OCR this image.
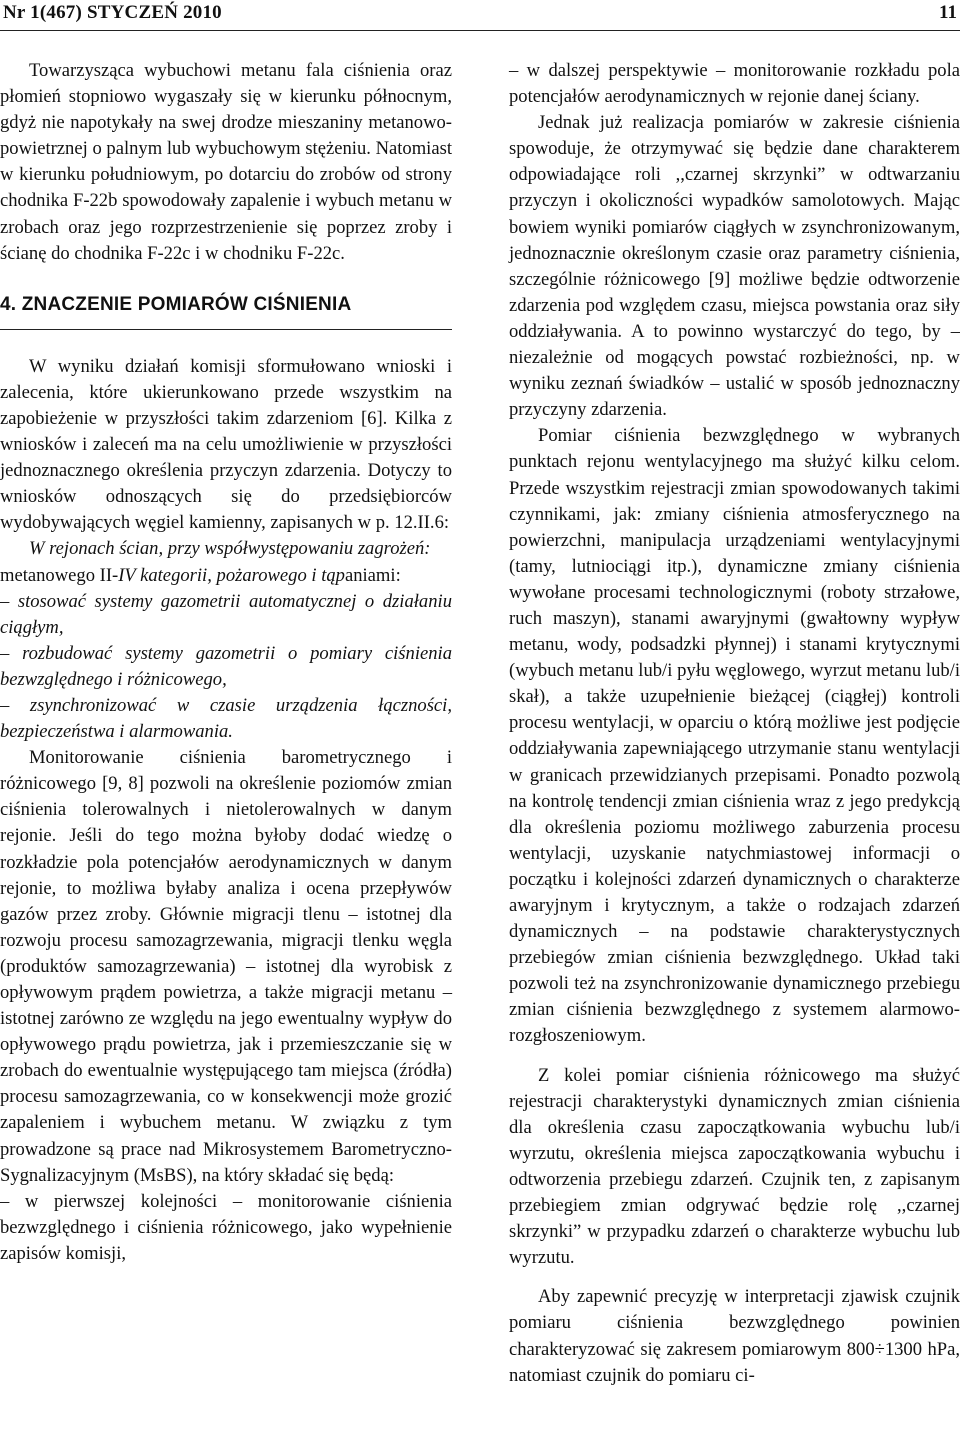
Nr 1(467) STYCZEŃ 2010	11

Towarzysząca wybuchowi metanu fala ciśnienia oraz płomień stopniowo wygaszały się w kierunku północnym, gdyż nie napotykały na swej drodze mieszaniny metanowo-powietrznej o palnym lub wybuchowym stężeniu. Natomiast w kierunku południowym, po dotarciu do zrobów od strony chodnika F-22b spowodowały zapalenie i wybuch metanu w zrobach oraz jego rozprzestrzenienie się poprzez zroby i ścianę do chodnika F-22c i w chodniku F-22c.

4. ZNACZENIE POMIARÓW CIŚNIENIA

W wyniku działań komisji sformułowano wnioski i zalecenia, które ukierunkowano przede wszystkim na zapobieżenie w przyszłości takim zdarzeniom [6]. Kilka z wniosków i zaleceń ma na celu umożliwienie w przyszłości jednoznacznego określenia przyczyn zdarzenia. Dotyczy to wniosków odnoszących się do przedsiębiorców wydobywających węgiel kamienny, zapisanych w p. 12.II.6:

W rejonach ścian, przy współwystępowaniu zagrożeń:

metanowego II-IV kategorii, pożarowego i tąpaniami:

– stosować systemy gazometrii automatycznej o działaniu ciągłym,

– rozbudować systemy gazometrii o pomiary ciśnienia bezwzględnego i różnicowego,

– zsynchronizować w czasie urządzenia łączności, bezpieczeństwa i alarmowania.

Monitorowanie ciśnienia barometrycznego i różnicowego [9, 8] pozwoli na określenie poziomów zmian ciśnienia tolerowalnych i nietolerowalnych w danym rejonie. Jeśli do tego można byłoby dodać wiedzę o rozkładzie pola potencjałów aerodynamicznych w danym rejonie, to możliwa byłaby analiza i ocena przepływów gazów przez zroby. Głównie migracji tlenu – istotnej dla rozwoju procesu samozagrzewania, migracji tlenku węgla (produktów samozagrzewania) – istotnej dla wyrobisk z opływowym prądem powietrza, a także migracji metanu – istotnej zarówno ze względu na jego ewentualny wypływ do opływowego prądu powietrza, jak i przemieszczanie się w zrobach do ewentualnie występującego tam miejsca (źródła) procesu samozagrzewania, co w konsekwencji może grozić zapaleniem i wybuchem metanu. W związku z tym prowadzone są prace nad Mikrosystemem Barometryczno-Sygnalizacyjnym (MsBS), na który składać się będą:

– w pierwszej kolejności – monitorowanie ciśnienia bezwzględnego i ciśnienia różnicowego, jako wypełnienie zapisów komisji,

– w dalszej perspektywie – monitorowanie rozkładu pola potencjałów aerodynamicznych w rejonie danej ściany.

Jednak już realizacja pomiarów w zakresie ciśnienia spowoduje, że otrzymywać się będzie dane charakterem odpowiadające roli ,,czarnej skrzynki” w odtwarzaniu przyczyn i okoliczności wypadków samolotowych. Mając bowiem wyniki pomiarów ciągłych w zsynchronizowanym, jednoznacznie określonym czasie oraz parametry ciśnienia, szczególnie różnicowego [9] możliwe będzie odtworzenie zdarzenia pod względem czasu, miejsca powstania oraz siły oddziaływania. A to powinno wystarczyć do tego, by – niezależnie od mogących powstać rozbieżności, np. w wyniku zeznań świadków – ustalić w sposób jednoznaczny przyczyny zdarzenia.

Pomiar ciśnienia bezwzględnego w wybranych punktach rejonu wentylacyjnego ma służyć kilku celom. Przede wszystkim rejestracji zmian spowodowanych takimi czynnikami, jak: zmiany ciśnienia atmosferycznego na powierzchni, manipulacja urządzeniami wentylacyjnymi (tamy, lutniociągi itp.), dynamiczne zmiany ciśnienia wywołane procesami technologicznymi (roboty strzałowe, ruch maszyn), stanami awaryjnymi (gwałtowny wypływ metanu, wody, podsadzki płynnej) i stanami krytycznymi (wybuch metanu lub/i pyłu węglowego, wyrzut metanu lub/i skał), a także uzupełnienie bieżącej (ciągłej) kontroli procesu wentylacji, w oparciu o którą możliwe jest podjęcie oddziaływania zapewniającego utrzymanie stanu wentylacji w granicach przewidzianych przepisami. Ponadto pozwolą na kontrolę tendencji zmian ciśnienia wraz z jego predykcją dla określenia poziomu możliwego zaburzenia procesu wentylacji, uzyskanie natychmiastowej informacji o początku i kolejności zdarzeń dynamicznych o charakterze awaryjnym i krytycznym, a także o rodzajach zdarzeń dynamicznych – na podstawie charakterystycznych przebiegów zmian ciśnienia bezwzględnego. Układ taki pozwoli też na zsynchronizowanie dynamicznego przebiegu zmian ciśnienia bezwzględnego z systemem alarmowo-rozgłoszeniowym.

Z kolei pomiar ciśnienia różnicowego ma służyć rejestracji charakterystyki dynamicznych zmian ciśnienia dla określenia czasu zapoczątkowania wybuchu lub/i wyrzutu, określenia miejsca zapoczątkowania wybuchu i odtworzenia przebiegu zdarzeń. Czujnik ten, z zapisanym przebiegiem zmian odgrywać będzie rolę ,,czarnej skrzynki” w przypadku zdarzeń o charakterze wybuchu lub wyrzutu.

Aby zapewnić precyzję w interpretacji zjawisk czujnik pomiaru ciśnienia bezwzględnego powinien charakteryzować się zakresem pomiarowym 800÷1300 hPa, natomiast czujnik do pomiaru ci-
